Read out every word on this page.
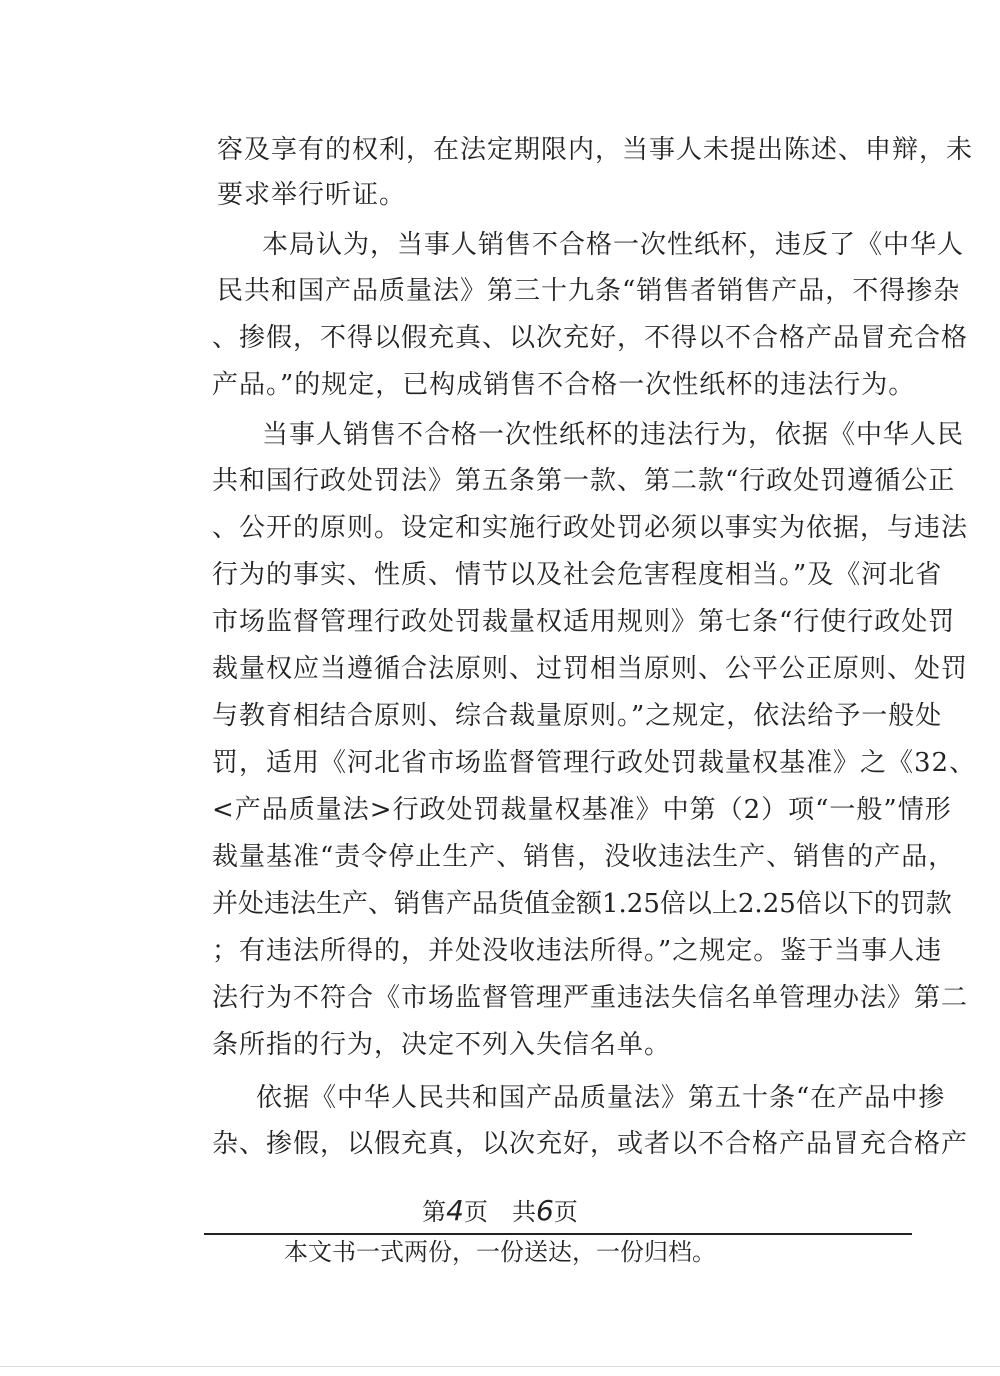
容及享有的权利，在法定期限内，当事人未提出陈述、申辩，未
要求举行听证。
本局认为，当事人销售不合格一次性纸杯，违反了《中华人
民共和国产品质量法》第三十九条“销售者销售产品，不得掺杂
、掺假，不得以假充真、以次充好，不得以不合格产品冒充合格
产品。”的规定，已构成销售不合格一次性纸杯的违法行为。
当事人销售不合格一次性纸杯的违法行为，依据《中华人民
共和国行政处罚法》第五条第一款、第二款“行政处罚遵循公正
、公开的原则。设定和实施行政处罚必须以事实为依据，与违法
行为的事实、性质、情节以及社会危害程度相当。”及《河北省
市场监督管理行政处罚裁量权适用规则》第七条“行使行政处罚
裁量权应当遵循合法原则、过罚相当原则、公平公正原则、处罚
与教育相结合原则、综合裁量原则。”之规定，依法给予一般处
罚，适用《河北省市场监督管理行政处罚裁量权基准》之《32、
<产品质量法>行政处罚裁量权基准》中第（2）项“一般”情形
裁量基准“责令停止生产、销售，没收违法生产、销售的产品，
并处违法生产、销售产品货值金额1.25倍以上2.25倍以下的罚款
；有违法所得的，并处没收违法所得。”之规定。鉴于当事人违
法行为不符合《市场监督管理严重违法失信名单管理办法》第二
条所指的行为，决定不列入失信名单。
依据《中华人民共和国产品质量法》第五十条“在产品中掺
杂、掺假，以假充真，以次充好，或者以不合格产品冒充合格产
第4页　共6页
本文书一式两份，一份送达，一份归档。
